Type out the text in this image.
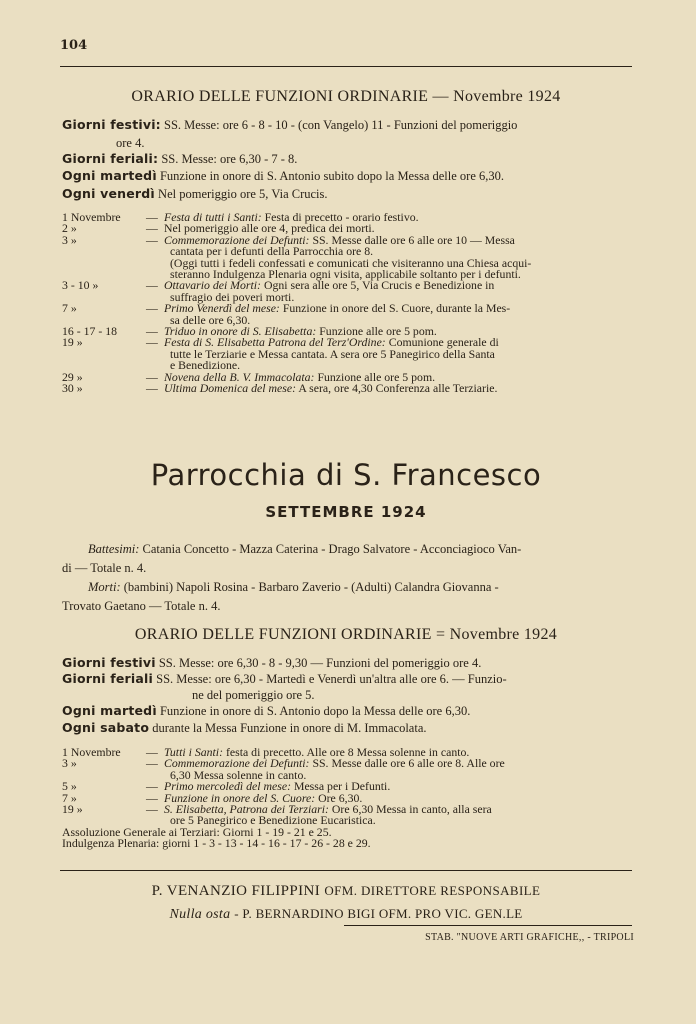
104
ORARIO DELLE FUNZIONI ORDINARIE — Novembre 1924
Giorni festivi: SS. Messe: ore 6 - 8 - 10 - (con Vangelo) 11 - Funzioni del pomeriggio
ore 4.
Giorni feriali: SS. Messe: ore 6,30 - 7 - 8.
Ogni martedì Funzione in onore di S. Antonio subito dopo la Messa delle ore 6,30.
Ogni venerdì Nel pomeriggio ore 5, Via Crucis.
1 Novembre	— Festa di tutti i Santi: Festa di precetto - orario festivo.
2 »	— Nel pomeriggio alle ore 4, predica dei morti.
3 »	— Commemorazione dei Defunti: SS. Messe dalle ore 6 alle ore 10 — Messa
cantata per i defunti della Parrocchia ore 8.
(Oggi tutti i fedeli confessati e comunicati che visiteranno una Chiesa acqui-
steranno Indulgenza Plenaria ogni visita, applicabile soltanto per i defunti.
3 - 10 »	— Ottavario dei Morti: Ogni sera alle ore 5, Via Crucis e Benedizione in
suffragio dei poveri morti.
7 »	— Primo Venerdì del mese: Funzione in onore del S. Cuore, durante la Mes-
sa delle ore 6,30.
16 - 17 - 18	— Triduo in onore di S. Elisabetta: Funzione alle ore 5 pom.
19 »	— Festa di S. Elisabetta Patrona del Terz'Ordine: Comunione generale di
tutte le Terziarie e Messa cantata. A sera ore 5 Panegirico della Santa
e Benedizione.
29 »	— Novena della B. V. Immacolata: Funzione alle ore 5 pom.
30 »	— Ultima Domenica del mese: A sera, ore 4,30 Conferenza alle Terziarie.
Parrocchia di S. Francesco
SETTEMBRE 1924
Battesimi: Catania Concetto - Mazza Caterina - Drago Salvatore - Acconciagioco Van-
di — Totale n. 4.
Morti: (bambini) Napoli Rosina - Barbaro Zaverio - (Adulti) Calandra Giovanna -
Trovato Gaetano — Totale n. 4.
ORARIO DELLE FUNZIONI ORDINARIE = Novembre 1924
Giorni festivi SS. Messe: ore 6,30 - 8 - 9,30 — Funzioni del pomeriggio ore 4.
Giorni feriali SS. Messe: ore 6,30 - Martedì e Venerdì un'altra alle ore 6. — Funzio-
ne del pomeriggio ore 5.
Ogni martedì Funzione in onore di S. Antonio dopo la Messa delle ore 6,30.
Ogni sabato durante la Messa Funzione in onore di M. Immacolata.
1 Novembre	— Tutti i Santi: festa di precetto. Alle ore 8 Messa solenne in canto.
3 »	— Commemorazione dei Defunti: SS. Messe dalle ore 6 alle ore 8. Alle ore
6,30 Messa solenne in canto.
5 »	— Primo mercoledì del mese: Messa per i Defunti.
7 »	— Funzione in onore del S. Cuore: Ore 6,30.
19 »	— S. Elisabetta, Patrona dei Terziari: Ore 6,30 Messa in canto, alla sera
ore 5 Panegirico e Benedizione Eucaristica.
Assoluzione Generale ai Terziari: Giorni 1 - 19 - 21 e 25.
Indulgenza Plenaria: giorni 1 - 3 - 13 - 14 - 16 - 17 - 26 - 28 e 29.
P. VENANZIO FILIPPINI OFM. DIRETTORE RESPONSABILE
Nulla osta - P. BERNARDINO BIGI OFM. PRO VIC. GEN.LE
STAB. "NUOVE ARTI GRAFICHE,, - TRIPOLI
